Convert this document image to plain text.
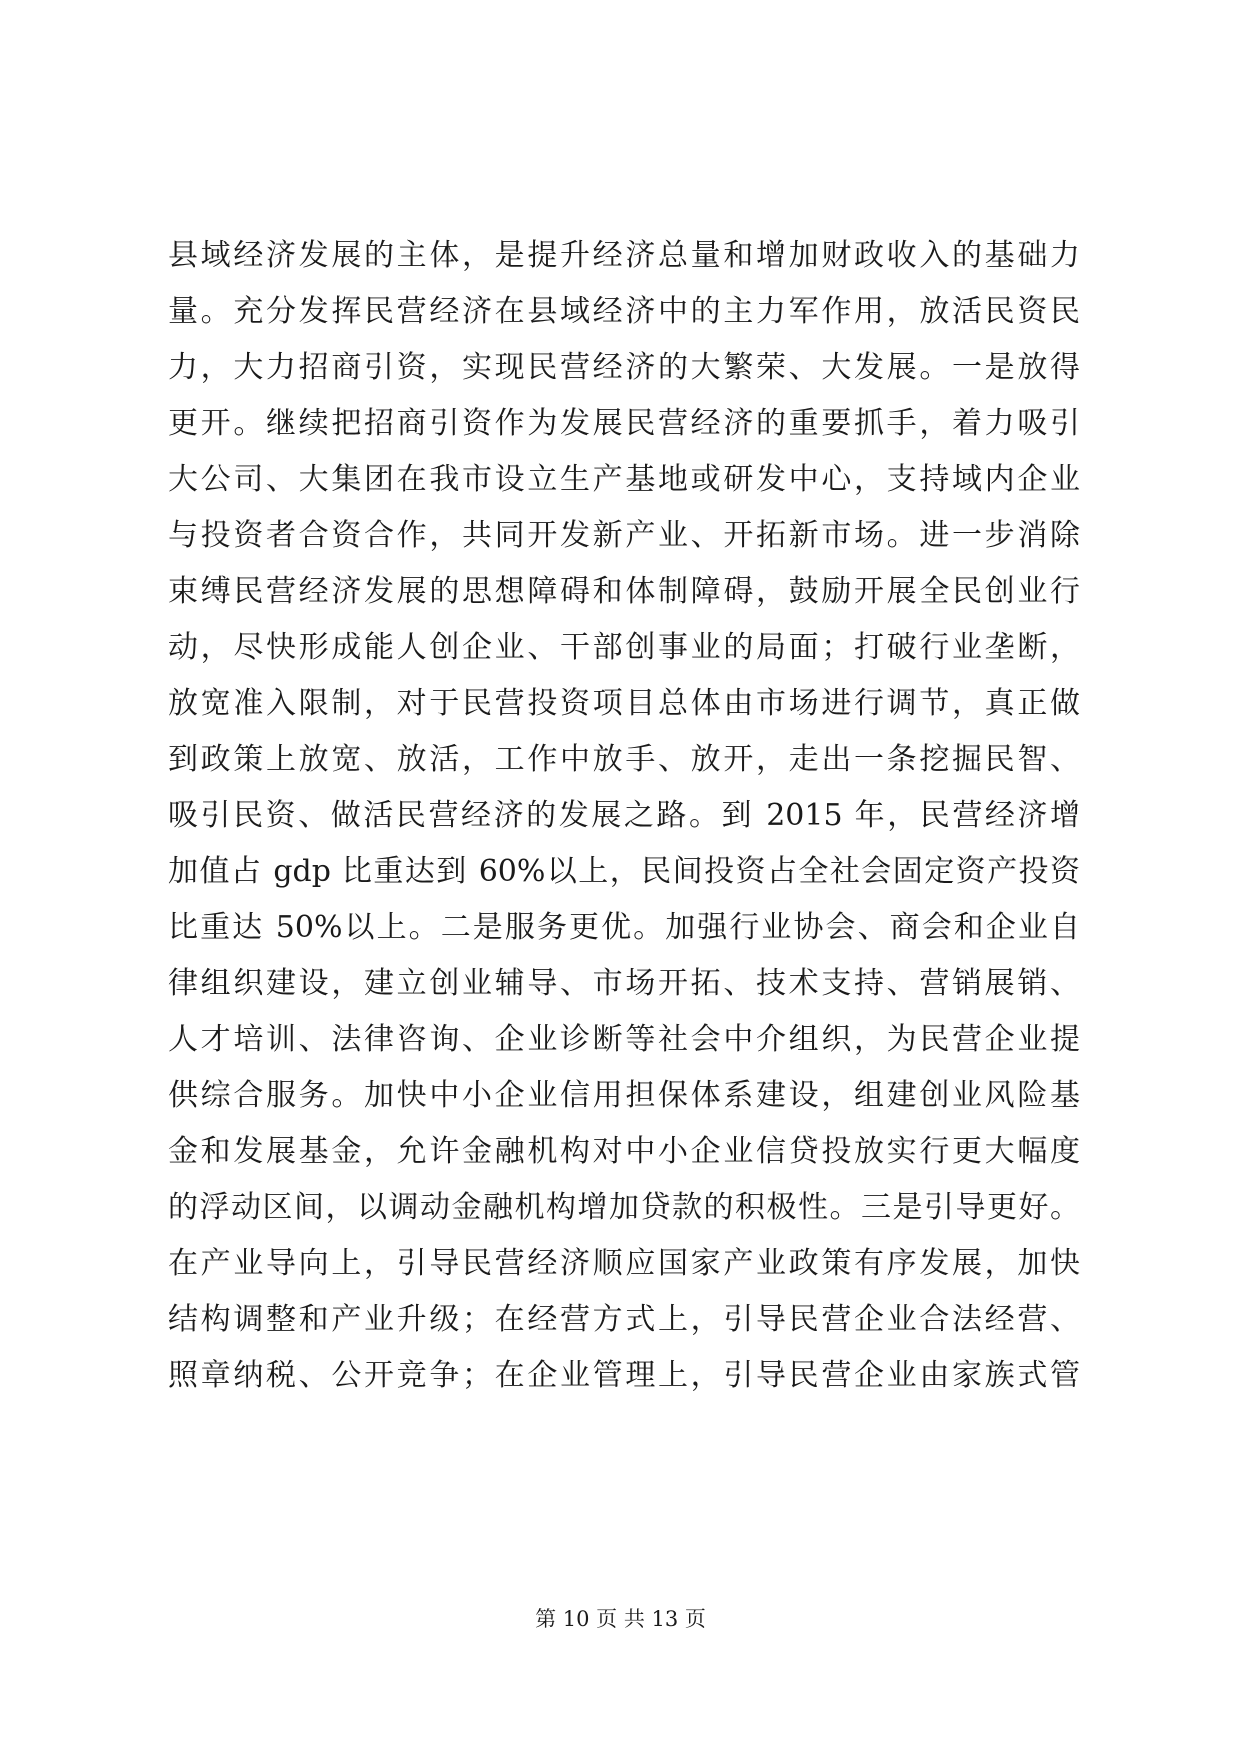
县域经济发展的主体，是提升经济总量和增加财政收入的基础力
量。充分发挥民营经济在县域经济中的主力军作用，放活民资民
力，大力招商引资，实现民营经济的大繁荣、大发展。一是放得
更开。继续把招商引资作为发展民营经济的重要抓手，着力吸引
大公司、大集团在我市设立生产基地或研发中心，支持域内企业
与投资者合资合作，共同开发新产业、开拓新市场。进一步消除
束缚民营经济发展的思想障碍和体制障碍，鼓励开展全民创业行
动，尽快形成能人创企业、干部创事业的局面；打破行业垄断，
放宽准入限制，对于民营投资项目总体由市场进行调节，真正做
到政策上放宽、放活，工作中放手、放开，走出一条挖掘民智、
吸引民资、做活民营经济的发展之路。到 2015 年，民营经济增
加值占 gdp 比重达到 60%以上，民间投资占全社会固定资产投资
比重达 50%以上。二是服务更优。加强行业协会、商会和企业自
律组织建设，建立创业辅导、市场开拓、技术支持、营销展销、
人才培训、法律咨询、企业诊断等社会中介组织，为民营企业提
供综合服务。加快中小企业信用担保体系建设，组建创业风险基
金和发展基金，允许金融机构对中小企业信贷投放实行更大幅度
的浮动区间，以调动金融机构增加贷款的积极性。三是引导更好。
在产业导向上，引导民营经济顺应国家产业政策有序发展，加快
结构调整和产业升级；在经营方式上，引导民营企业合法经营、
照章纳税、公开竞争；在企业管理上，引导民营企业由家族式管
第 10 页 共 13 页
